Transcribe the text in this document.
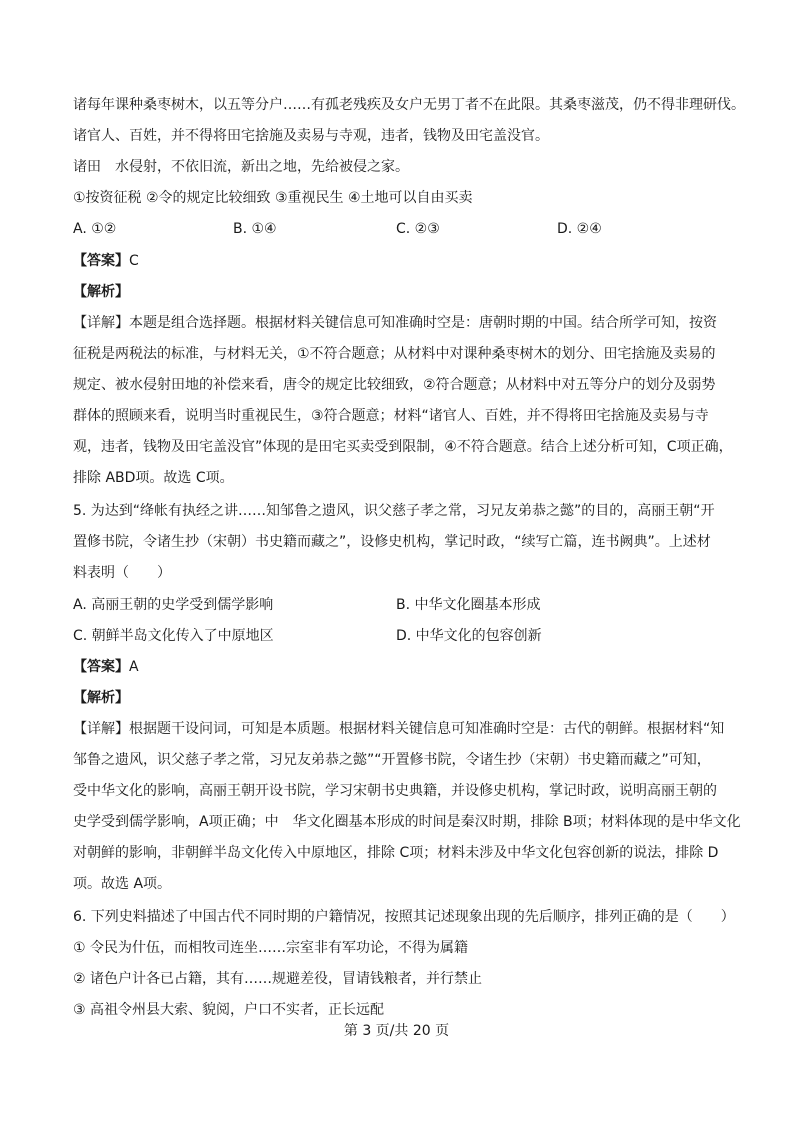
诸每年课种桑枣树木，以五等分户……有孤老残疾及女户无男丁者不在此限。其桑枣滋茂，仍不得非理研伐。
诸官人、百姓，并不得将田宅捨施及卖易与寺观，违者，钱物及田宅盖没官。
诸田　水侵射，不依旧流，新出之地，先给被侵之家。
①按资征税 ②令的规定比较细致 ③重视民生 ④土地可以自由买卖
A. ①②	B. ①④	C. ②③	D. ②④
【答案】C
【解析】
【详解】本题是组合选择题。根据材料关键信息可知准确时空是：唐朝时期的中国。结合所学可知，按资
征税是两税法的标准，与材料无关，①不符合题意；从材料中对课种桑枣树木的划分、田宅捨施及卖易的
规定、被水侵射田地的补偿来看，唐令的规定比较细致，②符合题意；从材料中对五等分户的划分及弱势
群体的照顾来看，说明当时重视民生，③符合题意；材料“诸官人、百姓，并不得将田宅捨施及卖易与寺
观，违者，钱物及田宅盖没官”体现的是田宅买卖受到限制，④不符合题意。结合上述分析可知，C项正确，
排除 ABD项。故选 C项。
5. 为达到“绛帐有执经之讲……知邹鲁之遗风，识父慈子孝之常，习兄友弟恭之懿”的目的，高丽王朝“开
置修书院，令诸生抄（宋朝）书史籍而藏之”，设修史机构，掌记时政，“续写亡篇，连书阙典”。上述材
料表明（　　）
A. 高丽王朝的史学受到儒学影响	B. 中华文化圈基本形成
C. 朝鲜半岛文化传入了中原地区	D. 中华文化的包容创新
【答案】A
【解析】
【详解】根据题干设问词，可知是本质题。根据材料关键信息可知准确时空是：古代的朝鲜。根据材料“知
邹鲁之遗风，识父慈子孝之常，习兄友弟恭之懿”“开置修书院，令诸生抄（宋朝）书史籍而藏之”可知，
受中华文化的影响，高丽王朝开设书院，学习宋朝书史典籍，并设修史机构，掌记时政，说明高丽王朝的
史学受到儒学影响，A项正确；中　华文化圈基本形成的时间是秦汉时期，排除 B项；材料体现的是中华文化
对朝鲜的影响，非朝鲜半岛文化传入中原地区，排除 C项；材料未涉及中华文化包容创新的说法，排除 D
项。故选 A项。
6. 下列史料描述了中国古代不同时期的户籍情况，按照其记述现象出现的先后顺序，排列正确的是（　　）
① 令民为什伍，而相牧司连坐……宗室非有军功论，不得为属籍
② 诸色户计各已占籍，其有……规避差役，冒请钱粮者，并行禁止
③ 高祖令州县大索、貌阅，户口不实者，正长远配
第 3 页/共 20 页
